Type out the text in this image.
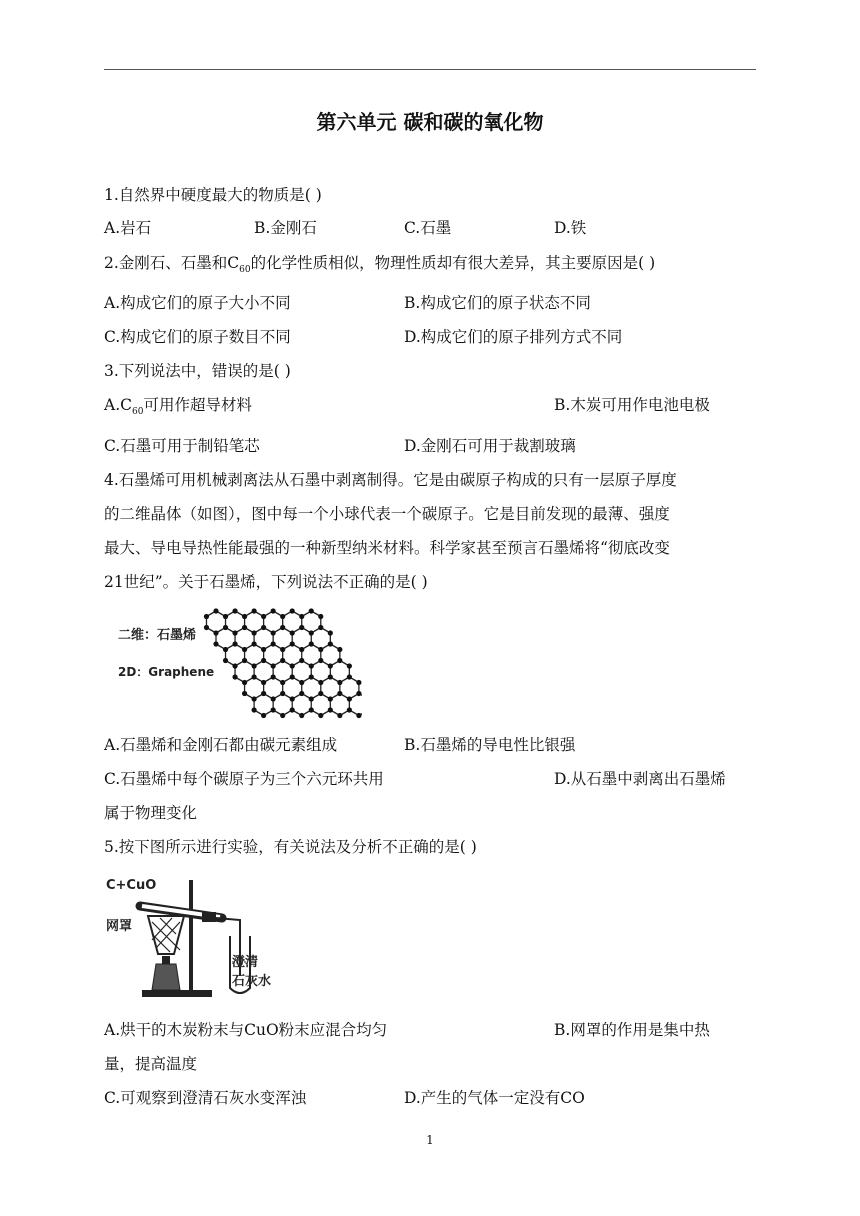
第六单元 碳和碳的氧化物
1.自然界中硬度最大的物质是( )
A.岩石	B.金刚石	C.石墨	D.铁
2.金刚石、石墨和$C_{60}$的化学性质相似，物理性质却有很大差异，其主要原因是( )
A.构成它们的原子大小不同	B.构成它们的原子状态不同
C.构成它们的原子数目不同	D.构成它们的原子排列方式不同
3.下列说法中，错误的是( )
$A.C_{60}$可用作超导材料	B.木炭可用作电池电极
C.石墨可用于制铅笔芯	D.金刚石可用于裁割玻璃
4.石墨烯可用机械剥离法从石墨中剥离制得。它是由碳原子构成的只有一层原子厚度
的二维晶体（如图），图中每一个小球代表一个碳原子。它是目前发现的最薄、强度
最大、导电导热性能最强的一种新型纳米材料。科学家甚至预言石墨烯将“彻底改变
21世纪”。关于石墨烯，下列说法不正确的是( )
二维：石墨烯
2D：Graphene
A.石墨烯和金刚石都由碳元素组成	B.石墨烯的导电性比银强
C.石墨烯中每个碳原子为三个六元环共用	D.从石墨中剥离出石墨烯
属于物理变化
5.按下图所示进行实验，有关说法及分析不正确的是( )
C+CuO
网罩
澄清
石灰水
A.烘干的木炭粉末与CuO粉末应混合均匀	B.网罩的作用是集中热
量，提高温度
C.可观察到澄清石灰水变浑浊	D.产生的气体一定没有CO
1
